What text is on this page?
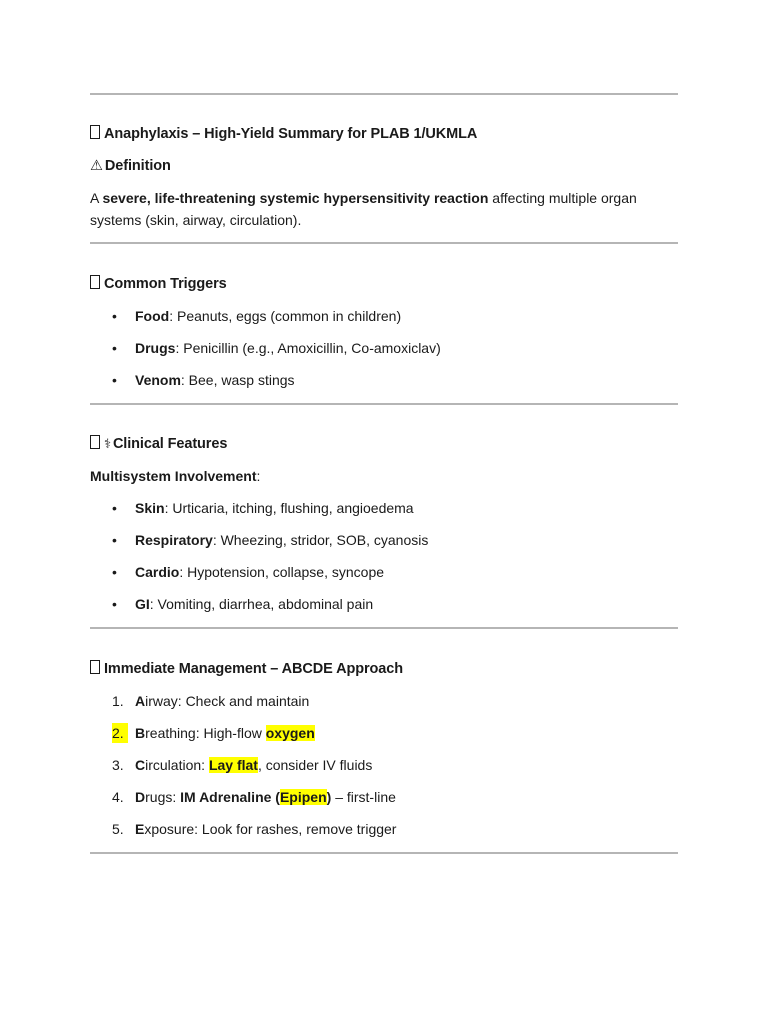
Anaphylaxis – High-Yield Summary for PLAB 1/UKMLA
⚠ Definition
A severe, life-threatening systemic hypersensitivity reaction affecting multiple organ systems (skin, airway, circulation).
Common Triggers
• Food: Peanuts, eggs (common in children)
• Drugs: Penicillin (e.g., Amoxicillin, Co-amoxiclav)
• Venom: Bee, wasp stings
⚕ Clinical Features
Multisystem Involvement:
• Skin: Urticaria, itching, flushing, angioedema
• Respiratory: Wheezing, stridor, SOB, cyanosis
• Cardio: Hypotension, collapse, syncope
• GI: Vomiting, diarrhea, abdominal pain
Immediate Management – ABCDE Approach
1. Airway: Check and maintain
2. Breathing: High-flow oxygen
3. Circulation: Lay flat, consider IV fluids
4. Drugs: IM Adrenaline (Epipen) – first-line
5. Exposure: Look for rashes, remove trigger
